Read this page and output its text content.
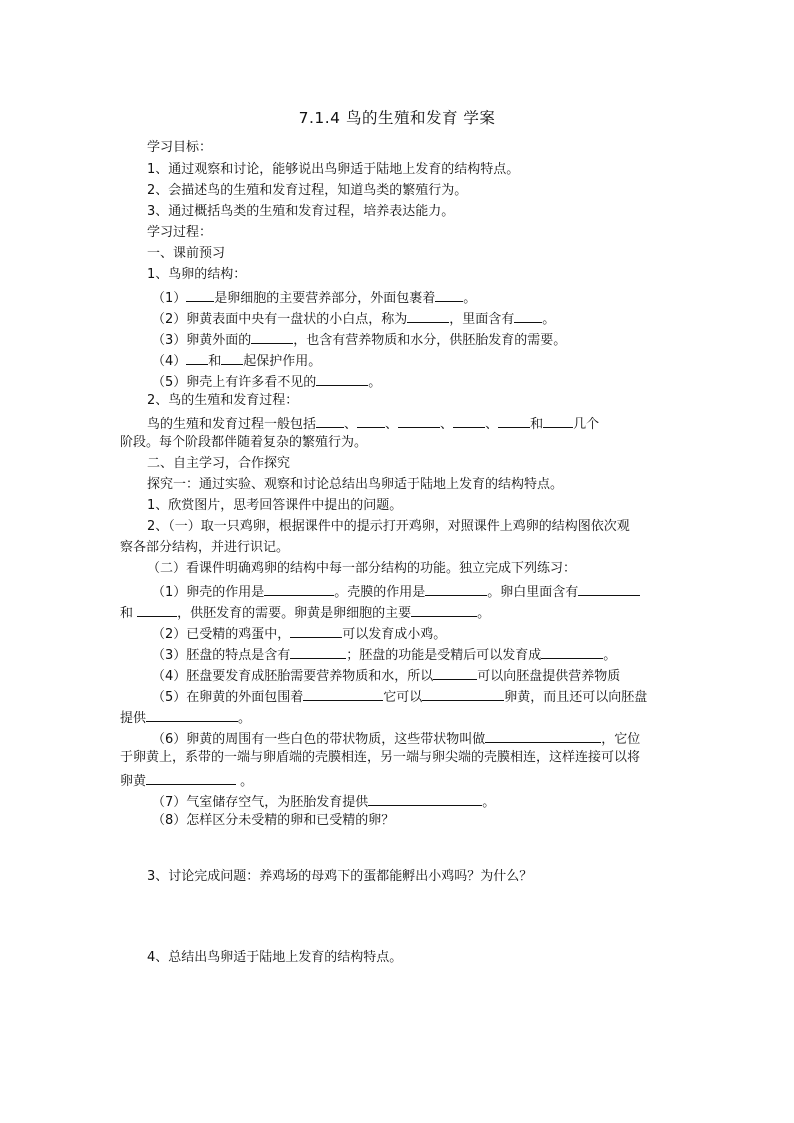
7.1.4 鸟的生殖和发育 学案
学习目标：
1、通过观察和讨论，能够说出鸟卵适于陆地上发育的结构特点。
2、会描述鸟的生殖和发育过程，知道鸟类的繁殖行为。
3、通过概括鸟类的生殖和发育过程，培养表达能力。
学习过程：
一、课前预习
1、鸟卵的结构：
（1） 是卵细胞的主要营养部分，外面包裹着 。
（2）卵黄表面中央有一盘状的小白点，称为	，里面含有 。
（3）卵黄外面的	，也含有营养物质和水分，供胚胎发育的需要。
（4） 和 起保护作用。
（5）卵壳上有许多看不见的	。
2、鸟的生殖和发育过程：
鸟的生殖和发育过程一般包括 、 、	、 、 和 几个
阶段。每个阶段都伴随着复杂的繁殖行为。
二、自主学习，合作探究
探究一：通过实验、观察和讨论总结出鸟卵适于陆地上发育的结构特点。
1、欣赏图片，思考回答课件中提出的问题。
2、（一）取一只鸡卵，根据课件中的提示打开鸡卵，对照课件上鸡卵的结构图依次观
察各部分结构，并进行识记。
（二）看课件明确鸡卵的结构中每一部分结构的功能。独立完成下列练习：
（1）卵壳的作用是	。壳膜的作用是	。卵白里面含有
和	，供胚发育的需要。卵黄是卵细胞的主要	。
（2）已受精的鸡蛋中，	可以发育成小鸡。
（3）胚盘的特点是含有	；胚盘的功能是受精后可以发育成	。
（4）胚盘要发育成胚胎需要营养物质和水，所以	可以向胚盘提供营养物质
（5）在卵黄的外面包围着	它可以	卵黄，而且还可以向胚盘
提供	。
（6）卵黄的周围有一些白色的带状物质，这些带状物叫做	，它位
于卵黄上，系带的一端与卵盾端的壳膜相连，另一端与卵尖端的壳膜相连，这样连接可以将
卵黄	。
（7）气室储存空气，为胚胎发育提供	。
（8）怎样区分未受精的卵和已受精的卵？
3、讨论完成问题：养鸡场的母鸡下的蛋都能孵出小鸡吗？为什么？
4、总结出鸟卵适于陆地上发育的结构特点。
